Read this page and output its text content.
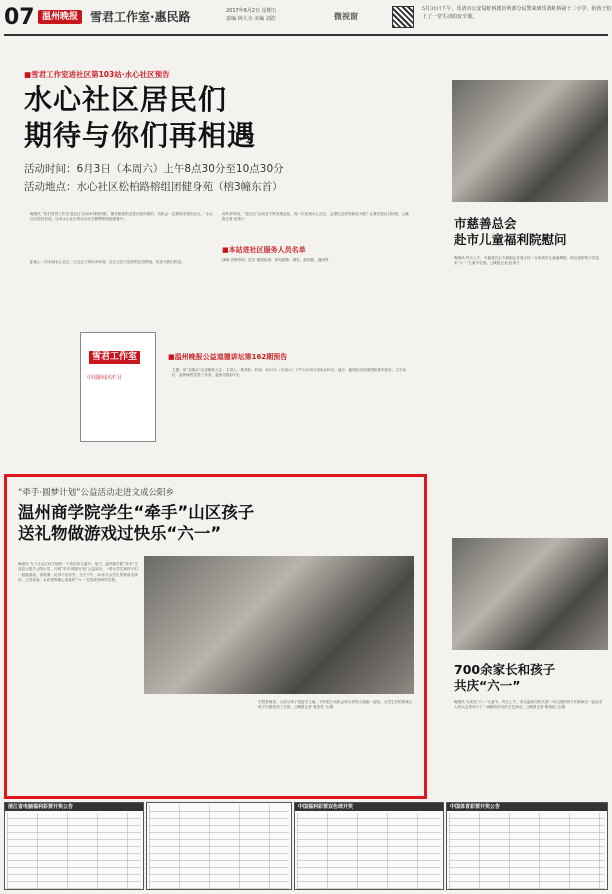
07 温州晚报 雪君工作室·惠民路	2017年6月2日 星期五
责编 林大为 美编 刘浩	微视窗
5月31日下午，乐清市公安局虹桥派出所部分民警来到乐清虹桥第十二小学，给孩子们上了一堂生动的安全课。
■雪君工作室进社区第103站·水心社区预告
水心社区居民们
期待与你们再相遇
活动时间：6月3日（本周六）上午8点30分至10点30分
活动地点：水心社区松柏路榕组团健身苑（榕3幢东首）
晚报讯 “你们雪君工作室‘进社区’活动举得特别好，服务都是贴近老百姓所需的，有机会一定要再来我们社区。”水心社区居民们说。目前水心社区的活动正在紧锣密鼓地准备中。
距离上一次来到水心社区，已过去了两年多时间，社区主任与居民的这份情谊，有变令我们欣喜。
两年多时间，“进社区”活动在不断发展变化，再一次来到水心社区，会擦出怎样的新花火呢？让我们拭目以待吧。□晚报记者 赵爽子
■本站进社区服务人员名单
律师 法律咨询；医生 健康检查；家电维修；理发；配钥匙；缝纫等
雪君工作室
中国新闻名栏目
■温州晚报公益道德讲坛第162期预告
主题：用“双镜头”记录精彩人生；主讲人：林其松；时间：6月3日（本周六）下午2点30分至4点30分；地点：鹿城区信河街国际青年旅舍；主办单位：温州晚报雪君工作室、温州市福彩中心
市慈善总会
赴市儿童福利院慰问
晚报讯 昨天上午，市慈善总会专职副会长周文侍一行来到市儿童福利院，给这里的孩子们送来“六一”儿童节礼物。□晚报记者 赵爽子
700余家长和孩子
共庆“六一”
晚报讯 为庆祝“六一”儿童节，昨天上午，来自温州市机关第二幼儿园的孩子们和家长一起在市人民大会堂举行了一场精彩纷呈的文艺演出。□晚报记者 陈柏焰 文/摄
“牵手·圆梦计划”公益活动走进文成公阳乡
温州商学院学生“牵手”山区孩子
送礼物做游戏过快乐“六一”
晚报讯 为了让山区孩子拥有一个快乐的儿童节，前天，温州商学院“牵手”文成县公阳乡公阳小学，开展“牵手·圆梦计划”公益活动，一群大学生和孩子们一起做游戏、讲故事，玩得不亦乐乎。当天下午，20多名大学生带着羽毛球拍、文具套装、水彩笔等精心准备的“六一”礼物来到该所学校。
学校老师说，大部分孩子是留守儿童，平时很少有机会和大哥哥大姐姐一起玩，大学生们的到来让孩子们感受到了关爱。□晚报记者 周莹莹 文/摄
浙江省电脑福利彩票开奖公告	中国福利彩票双色球开奖	中国体育彩票开奖公告
